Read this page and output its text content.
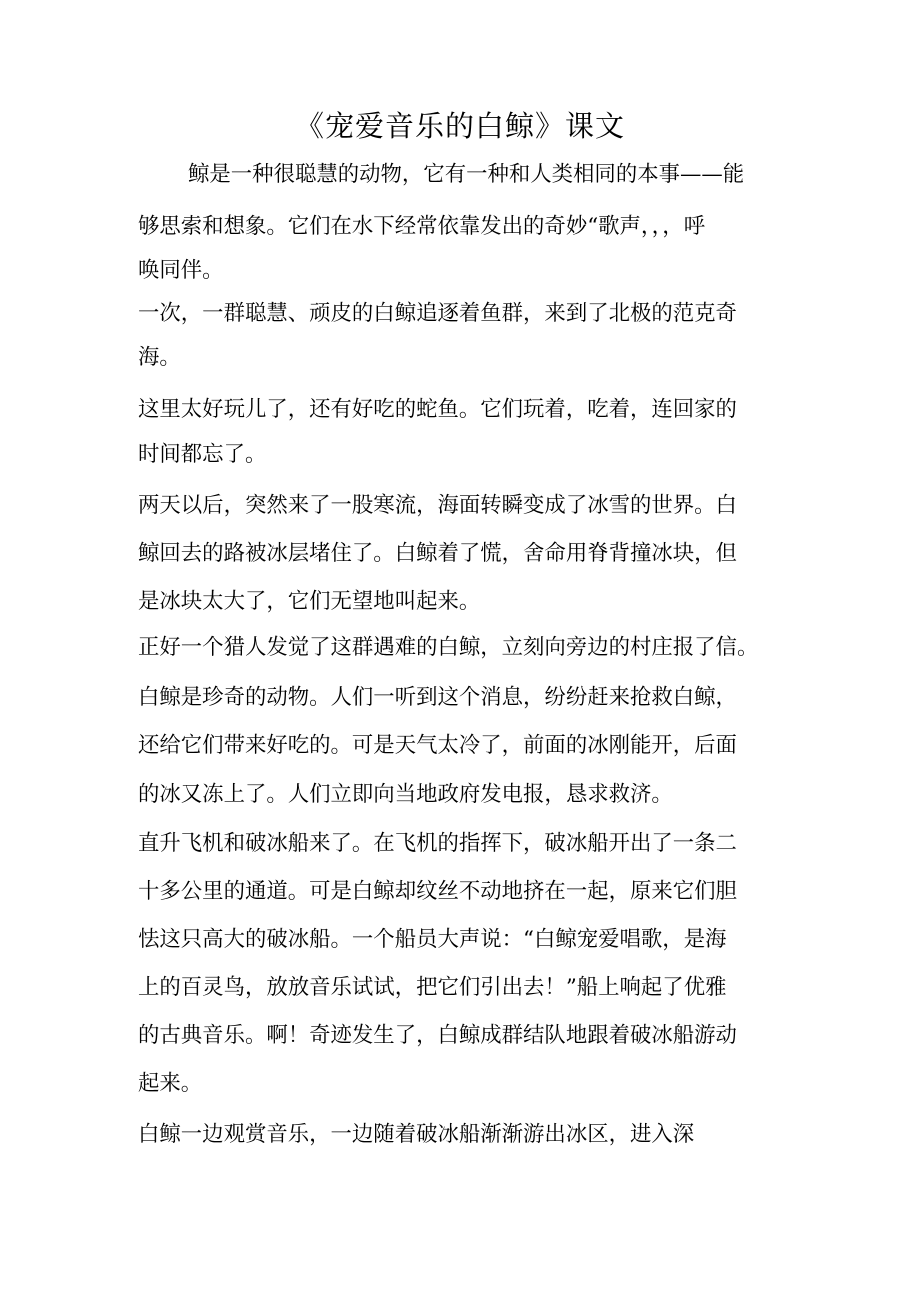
《宠爱音乐的白鲸》课文
鲸是一种很聪慧的动物，它有一种和人类相同的本事——能
够思索和想象。它们在水下经常依靠发出的奇妙“歌声，，，呼
唤同伴。
一次，一群聪慧、顽皮的白鲸追逐着鱼群，来到了北极的范克奇
海。
这里太好玩儿了，还有好吃的蛇鱼。它们玩着，吃着，连回家的
时间都忘了。
两天以后，突然来了一股寒流，海面转瞬变成了冰雪的世界。白
鲸回去的路被冰层堵住了。白鲸着了慌，舍命用脊背撞冰块，但
是冰块太大了，它们无望地叫起来。
正好一个猎人发觉了这群遇难的白鲸，立刻向旁边的村庄报了信。
白鲸是珍奇的动物。人们一听到这个消息，纷纷赶来抢救白鲸，
还给它们带来好吃的。可是天气太冷了，前面的冰刚能开，后面
的冰又冻上了。人们立即向当地政府发电报，恳求救济。
直升飞机和破冰船来了。在飞机的指挥下，破冰船开出了一条二
十多公里的通道。可是白鲸却纹丝不动地挤在一起，原来它们胆
怯这只高大的破冰船。一个船员大声说：“白鲸宠爱唱歌，是海
上的百灵鸟，放放音乐试试，把它们引出去！”船上响起了优雅
的古典音乐。啊！奇迹发生了，白鲸成群结队地跟着破冰船游动
起来。
白鲸一边观赏音乐，一边随着破冰船渐渐游出冰区，进入深
